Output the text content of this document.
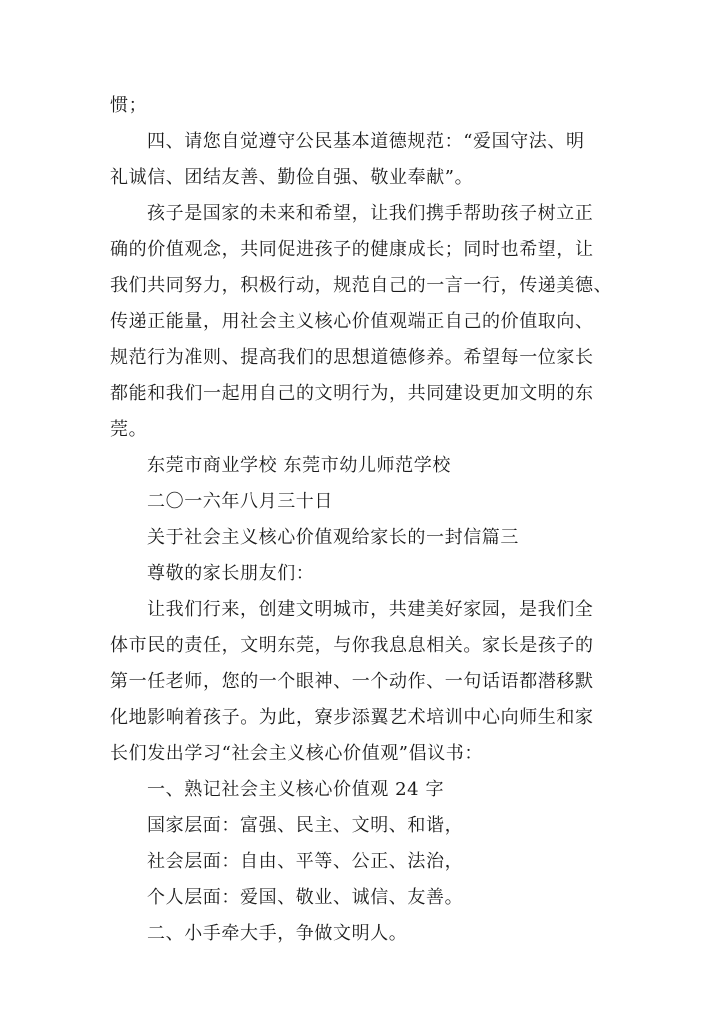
惯；
四、请您自觉遵守公民基本道德规范：“爱国守法、明
礼诚信、团结友善、勤俭自强、敬业奉献”。
孩子是国家的未来和希望，让我们携手帮助孩子树立正
确的价值观念，共同促进孩子的健康成长；同时也希望，让
我们共同努力，积极行动，规范自己的一言一行，传递美德、
传递正能量，用社会主义核心价值观端正自己的价值取向、
规范行为准则、提高我们的思想道德修养。希望每一位家长
都能和我们一起用自己的文明行为，共同建设更加文明的东
莞。
东莞市商业学校 东莞市幼儿师范学校
二〇一六年八月三十日
关于社会主义核心价值观给家长的一封信篇三
尊敬的家长朋友们：
让我们行来，创建文明城市，共建美好家园，是我们全
体市民的责任，文明东莞，与你我息息相关。家长是孩子的
第一任老师，您的一个眼神、一个动作、一句话语都潜移默
化地影响着孩子。为此，寮步添翼艺术培训中心向师生和家
长们发出学习“社会主义核心价值观”倡议书：
一、熟记社会主义核心价值观 24 字
国家层面：富强、民主、文明、和谐，
社会层面：自由、平等、公正、法治，
个人层面：爱国、敬业、诚信、友善。
二、小手牵大手，争做文明人。
